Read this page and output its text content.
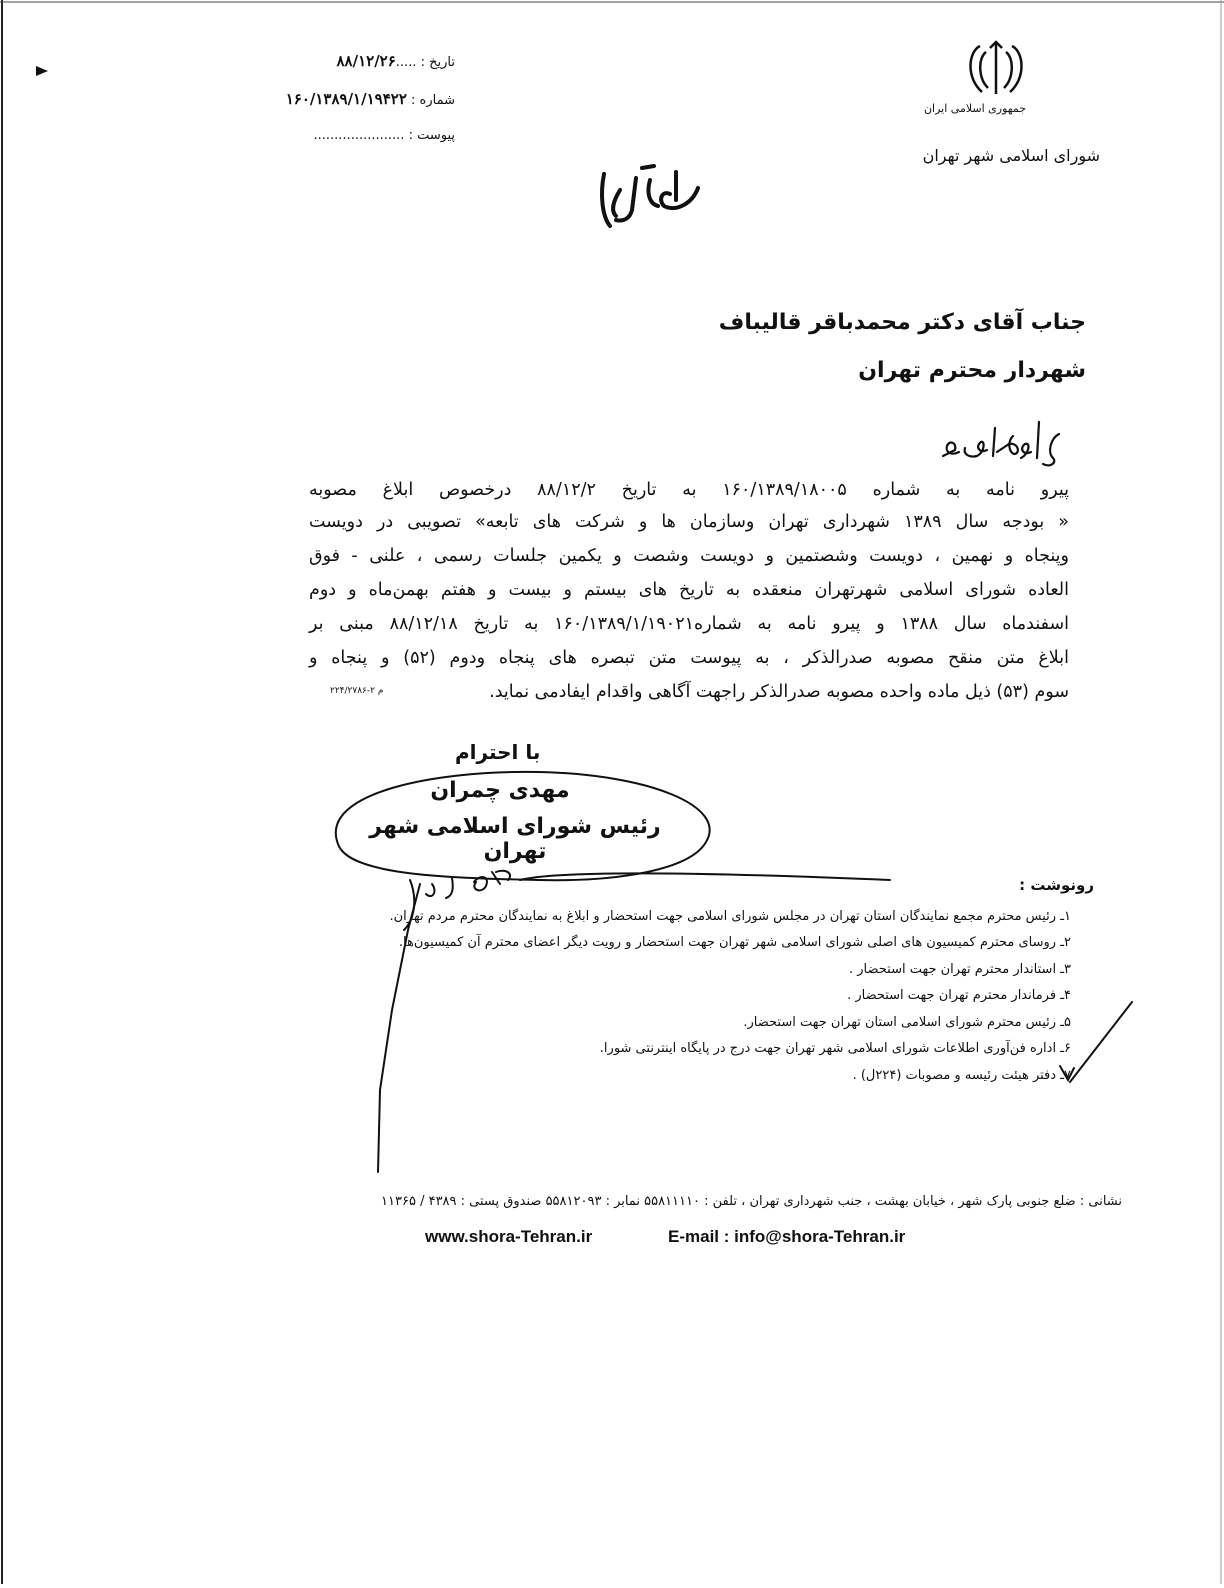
جمهوری اسلامی ایران
شورای اسلامی شهر تهران
تاریخ : .....۸۸/۱۲/۲۶
شماره : ۱۶۰/۱۳۸۹/۱/۱۹۴۲۲
پیوست : ......................
جناب آقای دکتر محمدباقر قالیباف
شهردار محترم تهران
پیرو نامه به شماره ۱۶۰/۱۳۸۹/۱۸۰۰۵ به تاریخ ۸۸/۱۲/۲ درخصوص ابلاغ مصوبه
« بودجه سال ۱۳۸۹ شهرداری تهران وسازمان ها و شرکت های تابعه» تصویبی در دویست
وپنجاه و نهمین ، دویست وشصتمین و دویست وشصت و یکمین جلسات رسمی ، علنی - فوق
العاده شورای اسلامی شهرتهران منعقده به تاریخ های بیستم و بیست و هفتم بهمن‌ماه و دوم
اسفندماه سال ۱۳۸۸ و پیرو نامه به شماره۱۶۰/۱۳۸۹/۱/۱۹۰۲۱ به تاریخ ۸۸/۱۲/۱۸ مبنی بر
ابلاغ متن منقح مصوبه صدرالذکر ، به پیوست متن تبصره های پنجاه ودوم (۵۲) و پنجاه و
سوم (۵۳) ذیل ماده واحده مصوبه صدرالذکر راجهت آگاهی واقدام ایفادمی نماید.
م ۲-۲۲۴/۲۷۸۶
با احترام
مهدی چمران
رئیس شورای اسلامی شهر تهران
رونوشت :
۱ـ رئیس محترم مجمع نمایندگان استان تهران در مجلس شورای اسلامی جهت استحضار و ابلاغ به نمایندگان محترم مردم تهران.
۲ـ روسای محترم کمیسیون های اصلی شورای اسلامی شهر تهران جهت استحضار و رویت دیگر اعضای محترم آن کمیسیون‌ها.
۳ـ استاندار محترم تهران جهت استحضار .
۴ـ فرماندار محترم تهران جهت استحضار .
۵ـ رئیس محترم شورای اسلامی استان تهران جهت استحضار.
۶ـ اداره فن‌آوری اطلاعات شورای اسلامی شهر تهران جهت درج در پایگاه اینترنتی شورا.
۷ـ دفتر هیئت رئیسه و مصوبات (۲۲۴ل) .
نشانی : ضلع جنوبی پارک شهر ، خیابان بهشت ، جنب شهرداری تهران ، تلفن : ۵۵۸۱۱۱۱۰ نمابر : ۵۵۸۱۲۰۹۳ صندوق پستی : ۴۳۸۹ / ۱۱۳۶۵
www.shora-Tehran.ir	E-mail : info@shora-Tehran.ir
